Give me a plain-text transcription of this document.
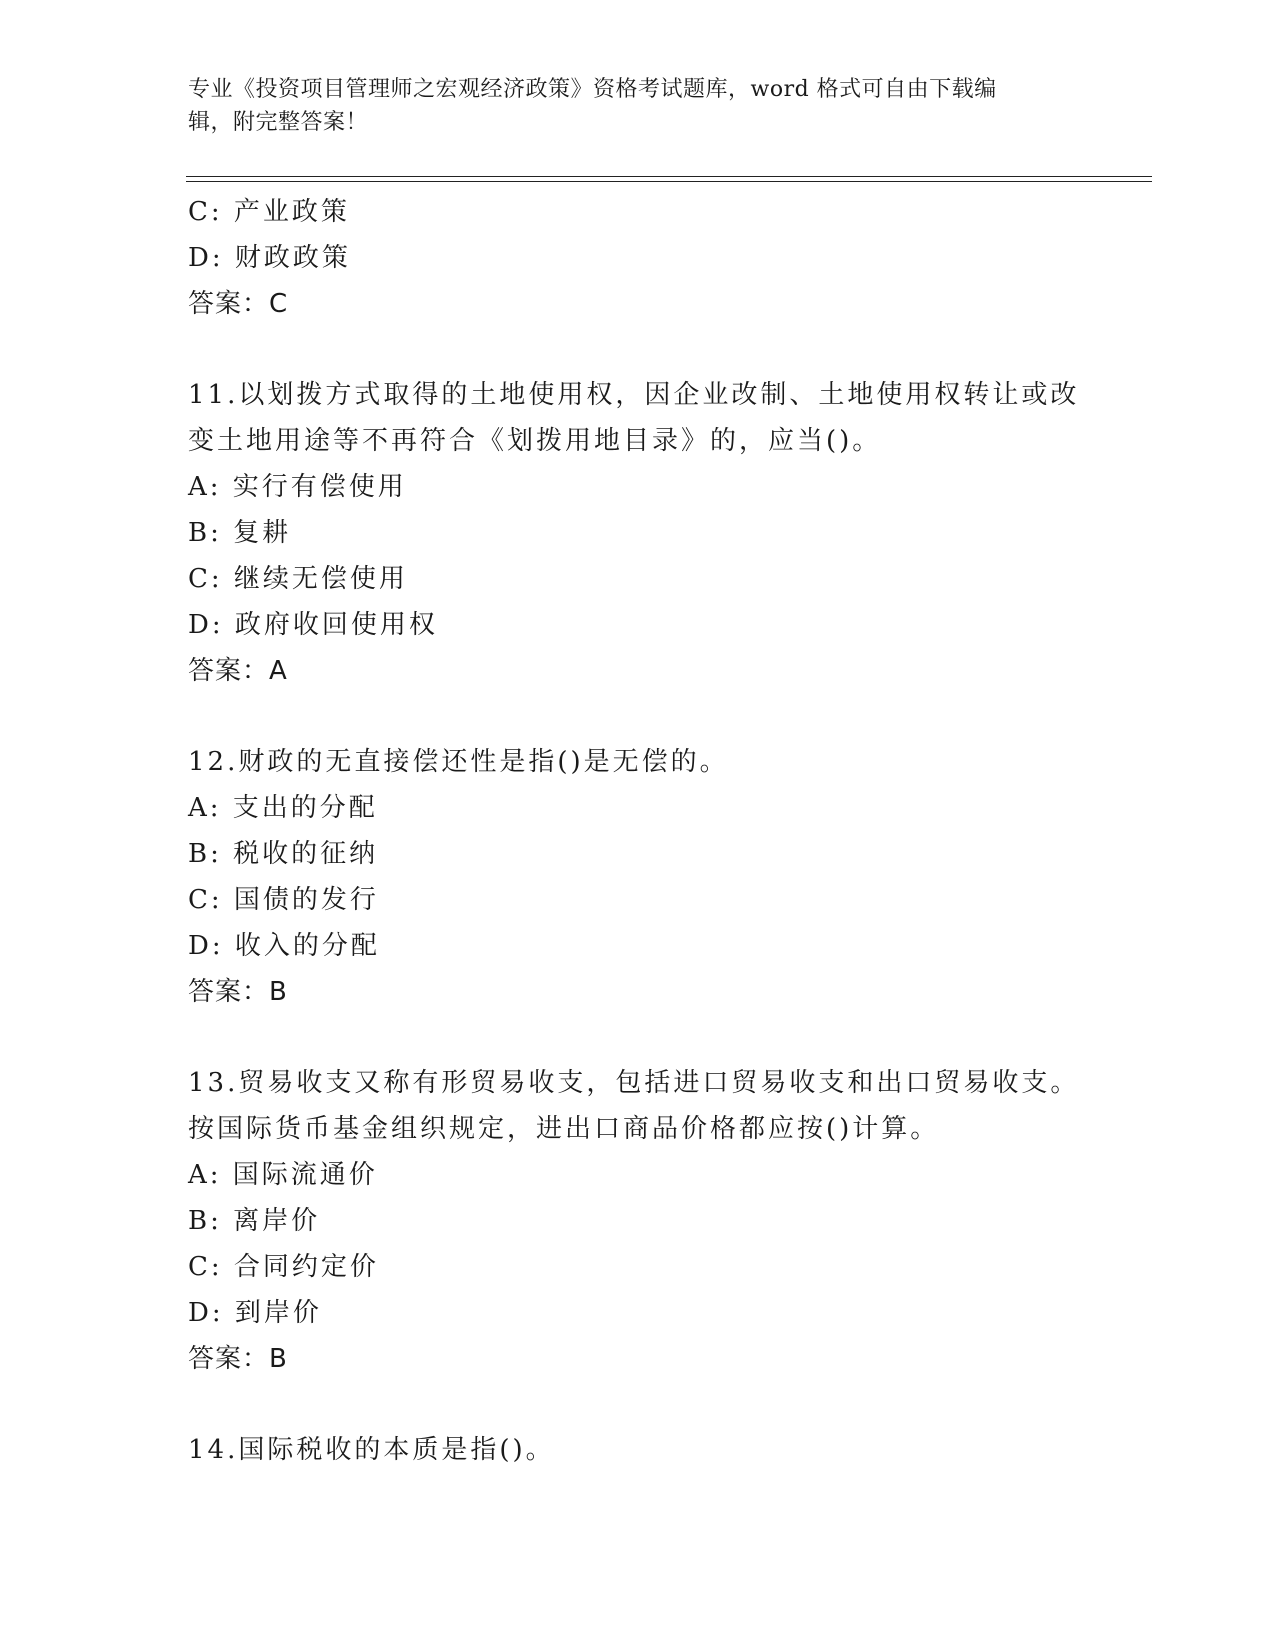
专业《投资项目管理师之宏观经济政策》资格考试题库，word 格式可自由下载编
辑，附完整答案！
C: 产业政策
D: 财政政策
答案：C
11.以划拨方式取得的土地使用权，因企业改制、土地使用权转让或改
变土地用途等不再符合《划拨用地目录》的，应当()。
A: 实行有偿使用
B: 复耕
C: 继续无偿使用
D: 政府收回使用权
答案：A
12.财政的无直接偿还性是指()是无偿的。
A: 支出的分配
B: 税收的征纳
C: 国债的发行
D: 收入的分配
答案：B
13.贸易收支又称有形贸易收支，包括进口贸易收支和出口贸易收支。
按国际货币基金组织规定，进出口商品价格都应按()计算。
A: 国际流通价
B: 离岸价
C: 合同约定价
D: 到岸价
答案：B
14.国际税收的本质是指()。
